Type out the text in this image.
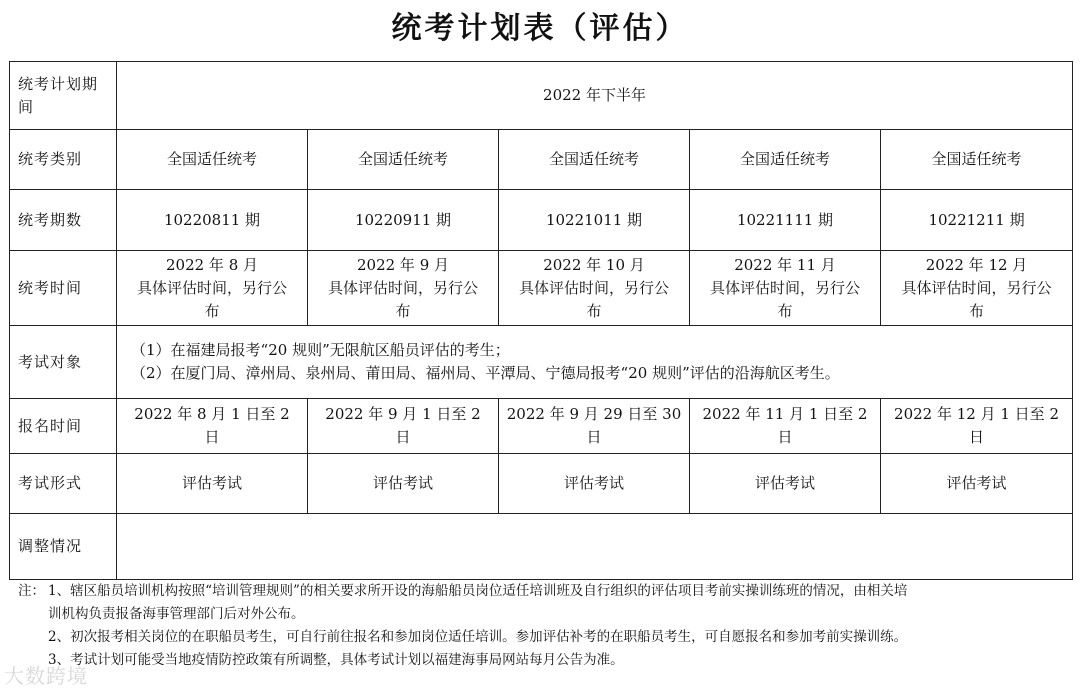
统考计划表（评估）
统考计划期间	2022 年下半年				
统考类别	全国适任统考	全国适任统考	全国适任统考	全国适任统考	全国适任统考
统考期数	10220811 期	10220911 期	10221011 期	10221111 期	10221211 期
统考时间	2022 年 8 月
具体评估时间，另行公
布	2022 年 9 月
具体评估时间，另行公
布	2022 年 10 月
具体评估时间，另行公
布	2022 年 11 月
具体评估时间，另行公
布	2022 年 12 月
具体评估时间，另行公
布

考试对象	（1）在福建局报考“20 规则”无限航区船员评估的考生；
（2）在厦门局、漳州局、泉州局、莆田局、福州局、平潭局、宁德局报考“20 规则”评估的沿海航区考生。				

报名时间	2022 年 8 月 1 日至 2
日	2022 年 9 月 1 日至 2
日	2022 年 9 月 29 日至 30
日	2022 年 11 月 1 日至 2
日	2022 年 12 月 1 日至 2
日

考试形式	评估考试	评估考试	评估考试	评估考试	评估考试
调整情况					
注： 1、 辖区船员培训机构按照“培训管理规则”的相关要求所开设的海船船员岗位适任培训班及自行组织的评估项目考前实操训练班的情况，由相关培
训机构负责报备海事管理部门后对外公布。
2、 初次报考相关岗位的在职船员考生，可自行前往报名和参加岗位适任培训。参加评估补考的在职船员考生，可自愿报名和参加考前实操训练。
3、 考试计划可能受当地疫情防控政策有所调整，具体考试计划以福建海事局网站每月公告为准。
大数跨境
